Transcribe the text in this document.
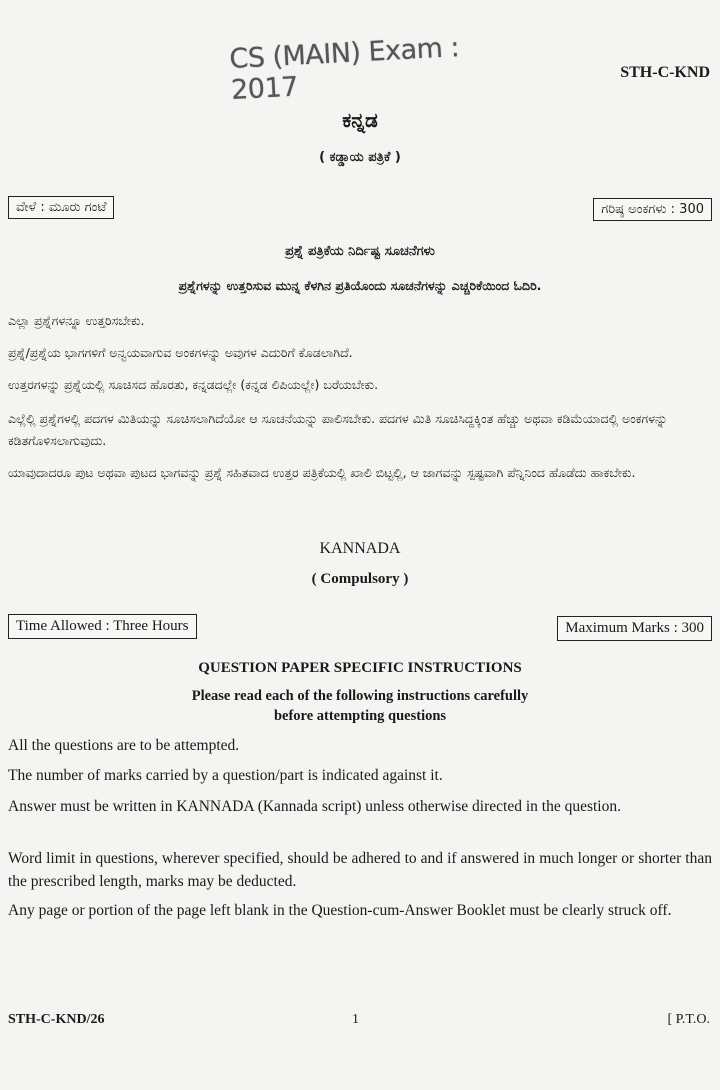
CS (MAIN) Exam : 2017	STH-C-KND
ಕನ್ನಡ
( ಕಡ್ಡಾಯ ಪತ್ರಿಕೆ )
ವೇಳೆ : ಮೂರು ಗಂಟೆ	ಗರಿಷ್ಠ ಅಂಕಗಳು : 300
ಪ್ರಶ್ನೆ ಪತ್ರಿಕೆಯ ನಿರ್ದಿಷ್ಟ ಸೂಚನೆಗಳು
ಪ್ರಶ್ನೆಗಳನ್ನು ಉತ್ತರಿಸುವ ಮುನ್ನ ಕೆಳಗಿನ ಪ್ರತಿಯೊಂದು ಸೂಚನೆಗಳನ್ನು ಎಚ್ಚರಿಕೆಯಿಂದ ಓದಿರಿ.
ಎಲ್ಲಾ ಪ್ರಶ್ನೆಗಳನ್ನೂ ಉತ್ತರಿಸಬೇಕು.
ಪ್ರಶ್ನೆ/ಪ್ರಶ್ನೆಯ ಭಾಗಗಳಿಗೆ ಅನ್ವಯವಾಗುವ ಅಂಕಗಳನ್ನು ಅವುಗಳ ಎದುರಿಗೆ ಕೊಡಲಾಗಿದೆ.
ಉತ್ತರಗಳನ್ನು ಪ್ರಶ್ನೆಯಲ್ಲಿ ಸೂಚಿಸದ ಹೊರತು, ಕನ್ನಡದಲ್ಲೇ (ಕನ್ನಡ ಲಿಪಿಯಲ್ಲೇ) ಬರೆಯಬೇಕು.
ಎಲ್ಲೆಲ್ಲಿ ಪ್ರಶ್ನೆಗಳಲ್ಲಿ ಪದಗಳ ಮಿತಿಯನ್ನು ಸೂಚಿಸಲಾಗಿದೆಯೋ ಆ ಸೂಚನೆಯನ್ನು ಪಾಲಿಸಬೇಕು. ಪದಗಳ ಮಿತಿ ಸೂಚಿಸಿದ್ದಕ್ಕಿಂತ ಹೆಚ್ಚು ಅಥವಾ ಕಡಿಮೆಯಾದಲ್ಲಿ ಅಂಕಗಳನ್ನು ಕಡಿತಗೊಳಿಸಲಾಗುವುದು.
ಯಾವುದಾದರೂ ಪುಟ ಅಥವಾ ಪುಟದ ಭಾಗವನ್ನು ಪ್ರಶ್ನೆ ಸಹಿತವಾದ ಉತ್ತರ ಪತ್ರಿಕೆಯಲ್ಲಿ ಖಾಲಿ ಬಿಟ್ಟಲ್ಲಿ, ಆ ಜಾಗವನ್ನು ಸ್ಪಷ್ಟವಾಗಿ ಪೆನ್ನಿನಿಂದ ಹೊಡೆದು ಹಾಕಬೇಕು.
KANNADA
( Compulsory )
Time Allowed : Three Hours	Maximum Marks : 300
QUESTION PAPER SPECIFIC INSTRUCTIONS
Please read each of the following instructions carefully
before attempting questions
All the questions are to be attempted.
The number of marks carried by a question/part is indicated against it.
Answer must be written in KANNADA (Kannada script) unless otherwise directed in the question.
Word limit in questions, wherever specified, should be adhered to and if answered in much longer or shorter than the prescribed length, marks may be deducted.
Any page or portion of the page left blank in the Question-cum-Answer Booklet must be clearly struck off.
STH-C-KND/26	1	[ P.T.O.
